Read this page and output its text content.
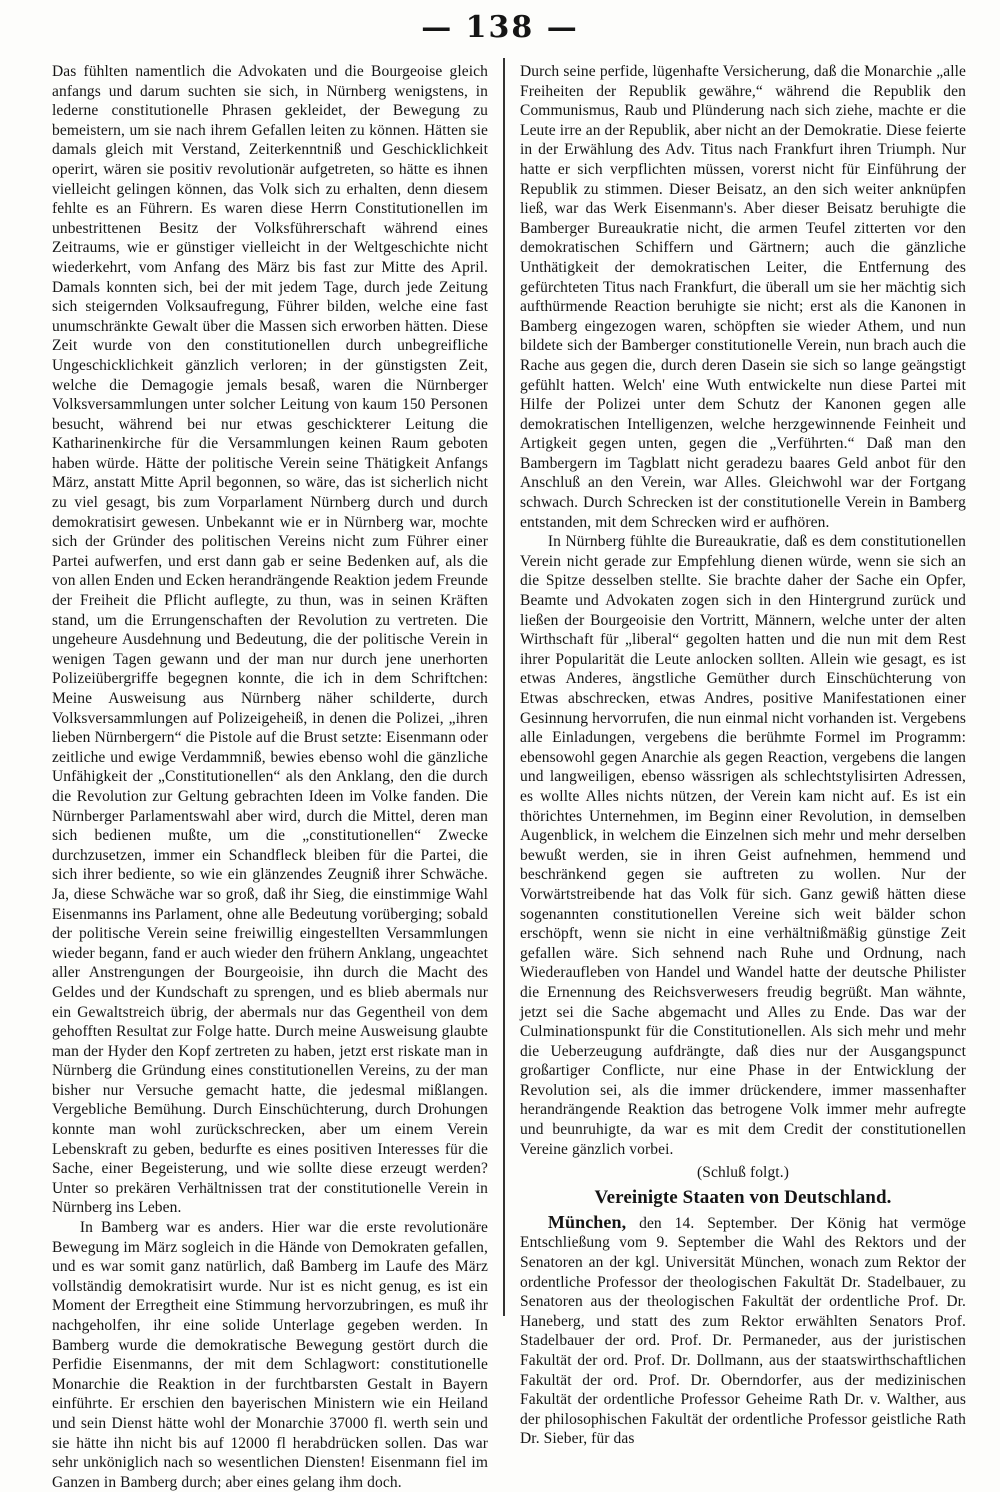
— 138 —

Das fühlten namentlich die Advokaten und die Bourgeoise gleich anfangs und darum suchten sie sich, in Nürnberg wenigstens, in lederne constitutionelle Phrasen gekleidet, der Bewegung zu bemeistern, um sie nach ihrem Gefallen leiten zu können. Hätten sie damals gleich mit Verstand, Zeiterkenntniß und Geschicklichkeit operirt, wären sie positiv revolutionär aufgetreten, so hätte es ihnen vielleicht gelingen können, das Volk sich zu erhalten, denn diesem fehlte es an Führern. Es waren diese Herrn Constitutionellen im unbestrittenen Besitz der Volksführerschaft während eines Zeitraums, wie er günstiger vielleicht in der Weltgeschichte nicht wiederkehrt, vom Anfang des März bis fast zur Mitte des April. Damals konnten sich, bei der mit jedem Tage, durch jede Zeitung sich steigernden Volksaufregung, Führer bilden, welche eine fast unumschränkte Gewalt über die Massen sich erworben hätten. Diese Zeit wurde von den constitutionellen durch unbegreifliche Ungeschicklichkeit gänzlich verloren; in der günstigsten Zeit, welche die Demagogie jemals besaß, waren die Nürnberger Volksversammlungen unter solcher Leitung von kaum 150 Personen besucht, während bei nur etwas geschickterer Leitung die Katharinenkirche für die Versammlungen keinen Raum geboten haben würde. Hätte der politische Verein seine Thätigkeit Anfangs März, anstatt Mitte April begonnen, so wäre, das ist sicherlich nicht zu viel gesagt, bis zum Vorparlament Nürnberg durch und durch demokratisirt gewesen. Unbekannt wie er in Nürnberg war, mochte sich der Gründer des politischen Vereins nicht zum Führer einer Partei aufwerfen, und erst dann gab er seine Bedenken auf, als die von allen Enden und Ecken herandrängende Reaktion jedem Freunde der Freiheit die Pflicht auflegte, zu thun, was in seinen Kräften stand, um die Errungenschaften der Revolution zu vertreten. Die ungeheure Ausdehnung und Bedeutung, die der politische Verein in wenigen Tagen gewann und der man nur durch jene unerhorten Polizeiübergriffe begegnen konnte, die ich in dem Schriftchen: Meine Ausweisung aus Nürnberg näher schilderte, durch Volksversammlungen auf Polizeigeheiß, in denen die Polizei, „ihren lieben Nürnbergern“ die Pistole auf die Brust setzte: Eisenmann oder zeitliche und ewige Verdammniß, bewies ebenso wohl die gänzliche Unfähigkeit der „Constitutionellen“ als den Anklang, den die durch die Revolution zur Geltung gebrachten Ideen im Volke fanden. Die Nürnberger Parlamentswahl aber wird, durch die Mittel, deren man sich bedienen mußte, um die „constitutionellen“ Zwecke durchzusetzen, immer ein Schandfleck bleiben für die Partei, die sich ihrer bediente, so wie ein glänzendes Zeugniß ihrer Schwäche. Ja, diese Schwäche war so groß, daß ihr Sieg, die einstimmige Wahl Eisenmanns ins Parlament, ohne alle Bedeutung vorüberging; sobald der politische Verein seine freiwillig eingestellten Versammlungen wieder begann, fand er auch wieder den frühern Anklang, ungeachtet aller Anstrengungen der Bourgeoisie, ihn durch die Macht des Geldes und der Kundschaft zu sprengen, und es blieb abermals nur ein Gewaltstreich übrig, der abermals nur das Gegentheil von dem gehofften Resultat zur Folge hatte. Durch meine Ausweisung glaubte man der Hyder den Kopf zertreten zu haben, jetzt erst riskate man in Nürnberg die Gründung eines constitutionellen Vereins, zu der man bisher nur Versuche gemacht hatte, die jedesmal mißlangen. Vergebliche Bemühung. Durch Einschüchterung, durch Drohungen konnte man wohl zurückschrecken, aber um einem Verein Lebenskraft zu geben, bedurfte es eines positiven Interesses für die Sache, einer Begeisterung, und wie sollte diese erzeugt werden? Unter so prekären Verhältnissen trat der constitutionelle Verein in Nürnberg ins Leben.

In Bamberg war es anders. Hier war die erste revolutionäre Bewegung im März sogleich in die Hände von Demokraten gefallen, und es war somit ganz natürlich, daß Bamberg im Laufe des März vollständig demokratisirt wurde. Nur ist es nicht genug, es ist ein Moment der Erregtheit eine Stimmung hervorzubringen, es muß ihr nachgeholfen, ihr eine solide Unterlage gegeben werden. In Bamberg wurde die demokratische Bewegung gestört durch die Perfidie Eisenmanns, der mit dem Schlagwort: constitutionelle Monarchie die Reaktion in der furchtbarsten Gestalt in Bayern einführte. Er erschien den bayerischen Ministern wie ein Heiland und sein Dienst hätte wohl der Monarchie 37000 fl. werth sein und sie hätte ihn nicht bis auf 12000 fl herabdrücken sollen. Das war sehr unköniglich nach so wesentlichen Diensten! Eisenmann fiel im Ganzen in Bamberg durch; aber eines gelang ihm doch.

Durch seine perfide, lügenhafte Versicherung, daß die Monarchie „alle Freiheiten der Republik gewähre,“ während die Republik den Communismus, Raub und Plünderung nach sich ziehe, machte er die Leute irre an der Republik, aber nicht an der Demokratie. Diese feierte in der Erwählung des Adv. Titus nach Frankfurt ihren Triumph. Nur hatte er sich verpflichten müssen, vorerst nicht für Einführung der Republik zu stimmen. Dieser Beisatz, an den sich weiter anknüpfen ließ, war das Werk Eisenmann's. Aber dieser Beisatz beruhigte die Bamberger Bureaukratie nicht, die armen Teufel zitterten vor den demokratischen Schiffern und Gärtnern; auch die gänzliche Unthätigkeit der demokratischen Leiter, die Entfernung des gefürchteten Titus nach Frankfurt, die überall um sie her mächtig sich aufthürmende Reaction beruhigte sie nicht; erst als die Kanonen in Bamberg eingezogen waren, schöpften sie wieder Athem, und nun bildete sich der Bamberger constitutionelle Verein, nun brach auch die Rache aus gegen die, durch deren Dasein sie sich so lange geängstigt gefühlt hatten. Welch' eine Wuth entwickelte nun diese Partei mit Hilfe der Polizei unter dem Schutz der Kanonen gegen alle demokratischen Intelligenzen, welche herzgewinnende Feinheit und Artigkeit gegen unten, gegen die „Verführten.“ Daß man den Bambergern im Tagblatt nicht geradezu baares Geld anbot für den Anschluß an den Verein, war Alles. Gleichwohl war der Fortgang schwach. Durch Schrecken ist der constitutionelle Verein in Bamberg entstanden, mit dem Schrecken wird er aufhören.

In Nürnberg fühlte die Bureaukratie, daß es dem constitutionellen Verein nicht gerade zur Empfehlung dienen würde, wenn sie sich an die Spitze desselben stellte. Sie brachte daher der Sache ein Opfer, Beamte und Advokaten zogen sich in den Hintergrund zurück und ließen der Bourgeoisie den Vortritt, Männern, welche unter der alten Wirthschaft für „liberal“ gegolten hatten und die nun mit dem Rest ihrer Popularität die Leute anlocken sollten. Allein wie gesagt, es ist etwas Anderes, ängstliche Gemüther durch Einschüchterung von Etwas abschrecken, etwas Andres, positive Manifestationen einer Gesinnung hervorrufen, die nun einmal nicht vorhanden ist. Vergebens alle Einladungen, vergebens die berühmte Formel im Programm: ebensowohl gegen Anarchie als gegen Reaction, vergebens die langen und langweiligen, ebenso wässrigen als schlechtstylisirten Adressen, es wollte Alles nichts nützen, der Verein kam nicht auf. Es ist ein thörichtes Unternehmen, im Beginn einer Revolution, in demselben Augenblick, in welchem die Einzelnen sich mehr und mehr derselben bewußt werden, sie in ihren Geist aufnehmen, hemmend und beschränkend gegen sie auftreten zu wollen. Nur der Vorwärtstreibende hat das Volk für sich. Ganz gewiß hätten diese sogenannten constitutionellen Vereine sich weit bälder schon erschöpft, wenn sie nicht in eine verhältnißmäßig günstige Zeit gefallen wäre. Sich sehnend nach Ruhe und Ordnung, nach Wiederaufleben von Handel und Wandel hatte der deutsche Philister die Ernennung des Reichsverwesers freudig begrüßt. Man wähnte, jetzt sei die Sache abgemacht und Alles zu Ende. Das war der Culminationspunkt für die Constitutionellen. Als sich mehr und mehr die Ueberzeugung aufdrängte, daß dies nur der Ausgangspunct großartiger Conflicte, nur eine Phase in der Entwicklung der Revolution sei, als die immer drückendere, immer massenhafter herandrängende Reaktion das betrogene Volk immer mehr aufregte und beunruhigte, da war es mit dem Credit der constitutionellen Vereine gänzlich vorbei.

(Schluß folgt.)

Vereinigte Staaten von Deutschland.

München, den 14. September. Der König hat vermöge Entschließung vom 9. September die Wahl des Rektors und der Senatoren an der kgl. Universität München, wonach zum Rektor der ordentliche Professor der theologischen Fakultät Dr. Stadelbauer, zu Senatoren aus der theologischen Fakultät der ordentliche Prof. Dr. Haneberg, und statt des zum Rektor erwählten Senators Prof. Stadelbauer der ord. Prof. Dr. Permaneder, aus der juristischen Fakultät der ord. Prof. Dr. Dollmann, aus der staatswirthschaftlichen Fakultät der ord. Prof. Dr. Oberndorfer, aus der medizinischen Fakultät der ordentliche Professor Geheime Rath Dr. v. Walther, aus der philosophischen Fakultät der ordentliche Professor geistliche Rath Dr. Sieber, für das
